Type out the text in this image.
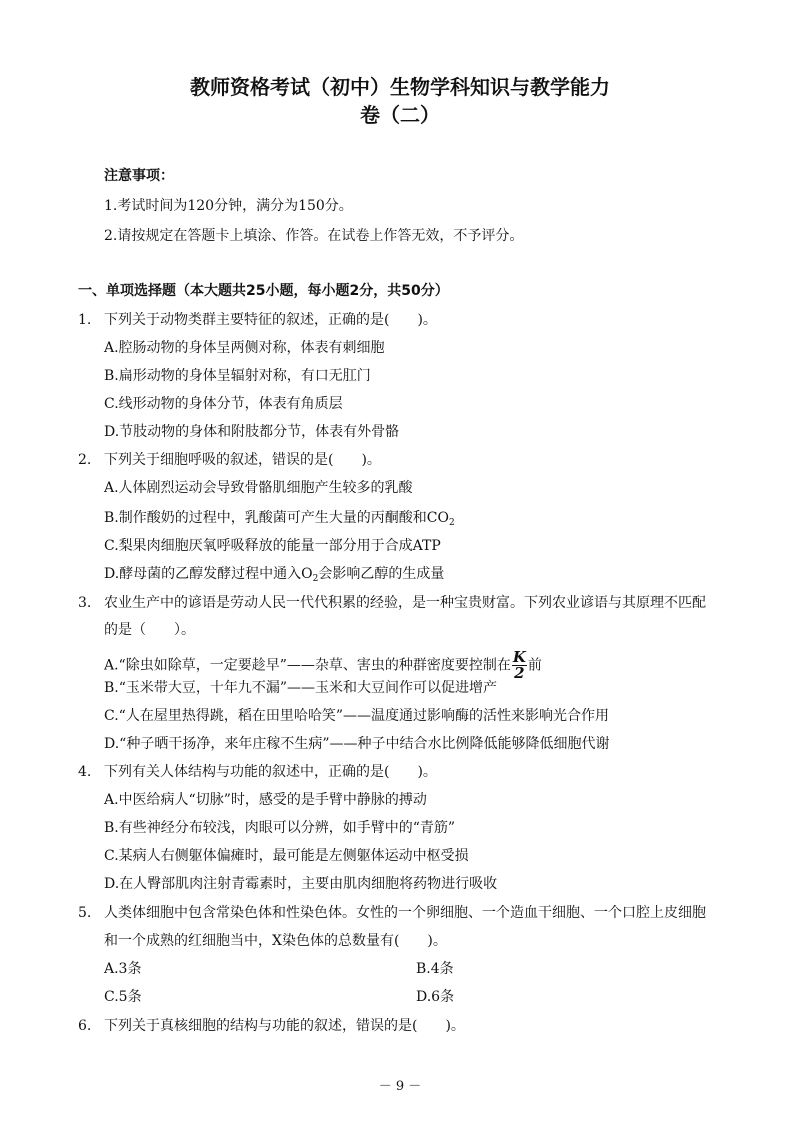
教师资格考试（初中）生物学科知识与教学能力
卷（二）
注意事项：
1.考试时间为120分钟，满分为150分。
2.请按规定在答题卡上填涂、作答。在试卷上作答无效，不予评分。
一、单项选择题（本大题共25小题，每小题2分，共50分）
1. 下列关于动物类群主要特征的叙述，正确的是(　　)。
A.腔肠动物的身体呈两侧对称，体表有刺细胞
B.扁形动物的身体呈辐射对称，有口无肛门
C.线形动物的身体分节，体表有角质层
D.节肢动物的身体和附肢都分节，体表有外骨骼
2. 下列关于细胞呼吸的叙述，错误的是(　　)。
A.人体剧烈运动会导致骨骼肌细胞产生较多的乳酸
B.制作酸奶的过程中，乳酸菌可产生大量的丙酮酸和$CO_2$
C.梨果肉细胞厌氧呼吸释放的能量一部分用于合成ATP
D.酵母菌的乙醇发酵过程中通入$O_2$会影响乙醇的生成量
3. 农业生产中的谚语是劳动人民一代代积累的经验，是一种宝贵财富。下列农业谚语与其原理不匹配
的是（　　）。
A.“除虫如除草，一定要趁早”——杂草、害虫的种群密度要控制在 $\frac{K}{2}$ 前
B.“玉米带大豆，十年九不漏”——玉米和大豆间作可以促进增产
C.“人在屋里热得跳，稻在田里哈哈笑”——温度通过影响酶的活性来影响光合作用
D.“种子晒干扬净，来年庄稼不生病”——种子中结合水比例降低能够降低细胞代谢
4. 下列有关人体结构与功能的叙述中，正确的是(　　)。
A.中医给病人“切脉”时，感受的是手臂中静脉的搏动
B.有些神经分布较浅，肉眼可以分辨，如手臂中的“青筋”
C.某病人右侧躯体偏瘫时，最可能是左侧躯体运动中枢受损
D.在人臀部肌肉注射青霉素时，主要由肌肉细胞将药物进行吸收
5. 人类体细胞中包含常染色体和性染色体。女性的一个卵细胞、一个造血干细胞、一个口腔上皮细胞
和一个成熟的红细胞当中，X染色体的总数量有(　　)。
A.3条	B.4条
C.5条	D.6条
6. 下列关于真核细胞的结构与功能的叙述，错误的是(　　)。
－ 9 －
